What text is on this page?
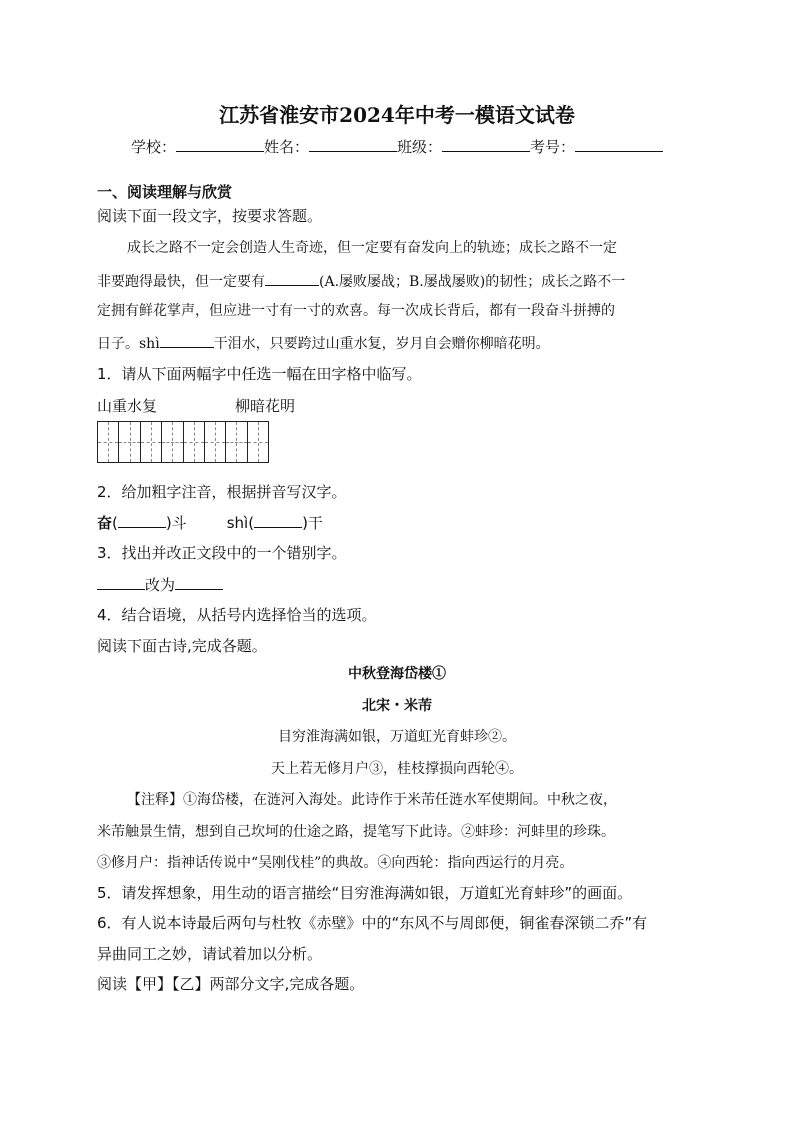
江苏省淮安市2024年中考一模语文试卷
学校：	姓名：	班级：	考号：
一、阅读理解与欣赏
阅读下面一段文字，按要求答题。
成长之路不一定会创造人生奇迹，但一定要有奋发向上的轨迹；成长之路不一定
非要跑得最快，但一定要有	(A.屡败屡战；B.屡战屡败)的韧性；成长之路不一
定拥有鲜花掌声，但应进一寸有一寸的欢喜。每一次成长背后，都有一段奋斗拼搏的
日子。shì	干泪水，只要跨过山重水复，岁月自会赠你柳暗花明。
1．请从下面两幅字中任选一幅在田字格中临写。
山重水复	柳暗花明
2．给加粗字注音，根据拼音写汉字。
奋(	)斗	shì(	)干
3．找出并改正文段中的一个错别字。
改为
4．结合语境，从括号内选择恰当的选项。
阅读下面古诗,完成各题。
中秋登海岱楼①
北宋・米芾
目穷淮海满如银，万道虹光育蚌珍②。
天上若无修月户③，桂枝撑损向西轮④。
【注释】①海岱楼，在涟河入海处。此诗作于米芾任涟水军使期间。中秋之夜，
米芾触景生情，想到自己坎坷的仕途之路，提笔写下此诗。②蚌珍：河蚌里的珍珠。
③修月户：指神话传说中“吴刚伐桂”的典故。④向西轮：指向西运行的月亮。
5．请发挥想象，用生动的语言描绘“目穷淮海满如银，万道虹光育蚌珍”的画面。
6．有人说本诗最后两句与杜牧《赤壁》中的“东风不与周郎便，铜雀春深锁二乔”有
异曲同工之妙，请试着加以分析。
阅读【甲】【乙】两部分文字,完成各题。
